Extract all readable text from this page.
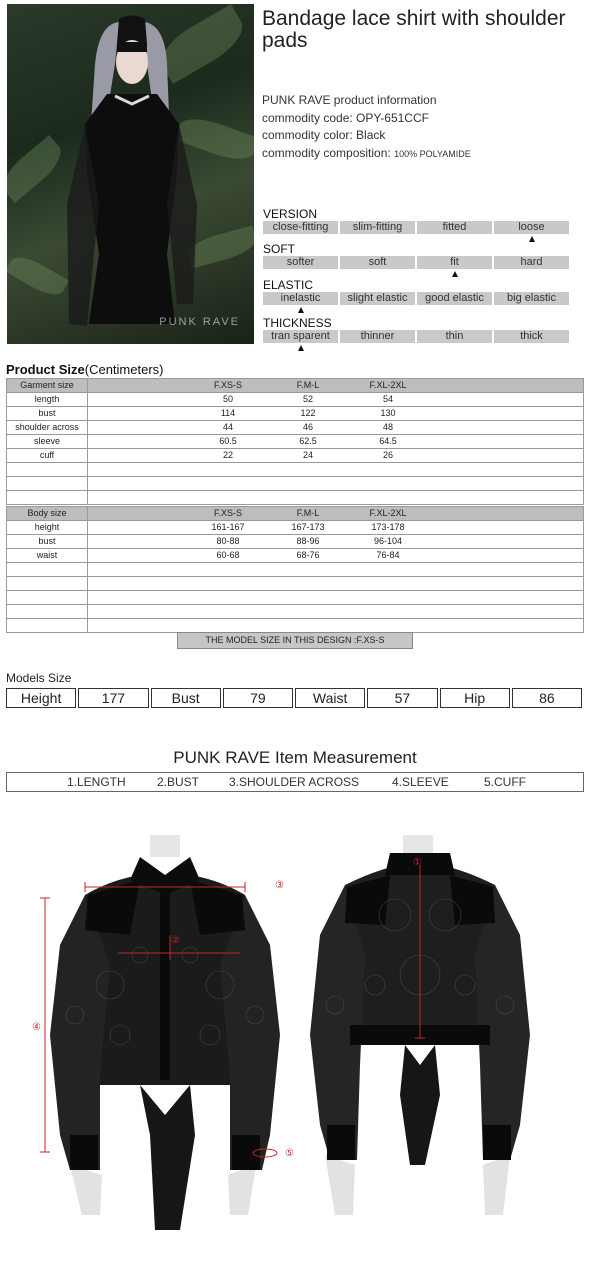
PUNK RAVE
Bandage lace shirt with shoulder pads
PUNK RAVE product information
commodity code: OPY-651CCF
commodity color: Black
commodity composition: 100% POLYAMIDE
VERSION
close-fitting	slim-fitting	fitted	loose
SOFT
softer	soft	fit	hard
ELASTIC
inelastic	slight elastic	good elastic	big elastic
THICKNESS
tran sparent	thinner	thin	thick
Product Size(Centimeters)
Garment size	F.XS-S F.M-L F.XL-2XL
length	50 52 54
bust	114 122 130
shoulder across	44 46 48
sleeve	60.5 62.5 64.5
cuff	22 24 26

Body size	F.XS-S F.M-L F.XL-2XL
height	161-167 167-173 173-178
bust	80-88 88-96 96-104
waist	60-68 68-76 76-84

THE MODEL SIZE IN THIS DESIGN :F.XS-S
Models Size
Height	177	Bust	79	Waist	57	Hip	86
PUNK RAVE Item Measurement
1.LENGTH	2.BUST 3.SHOULDER ACROSS	4.SLEEVE	5.CUFF
③
②
④
⑤
①
